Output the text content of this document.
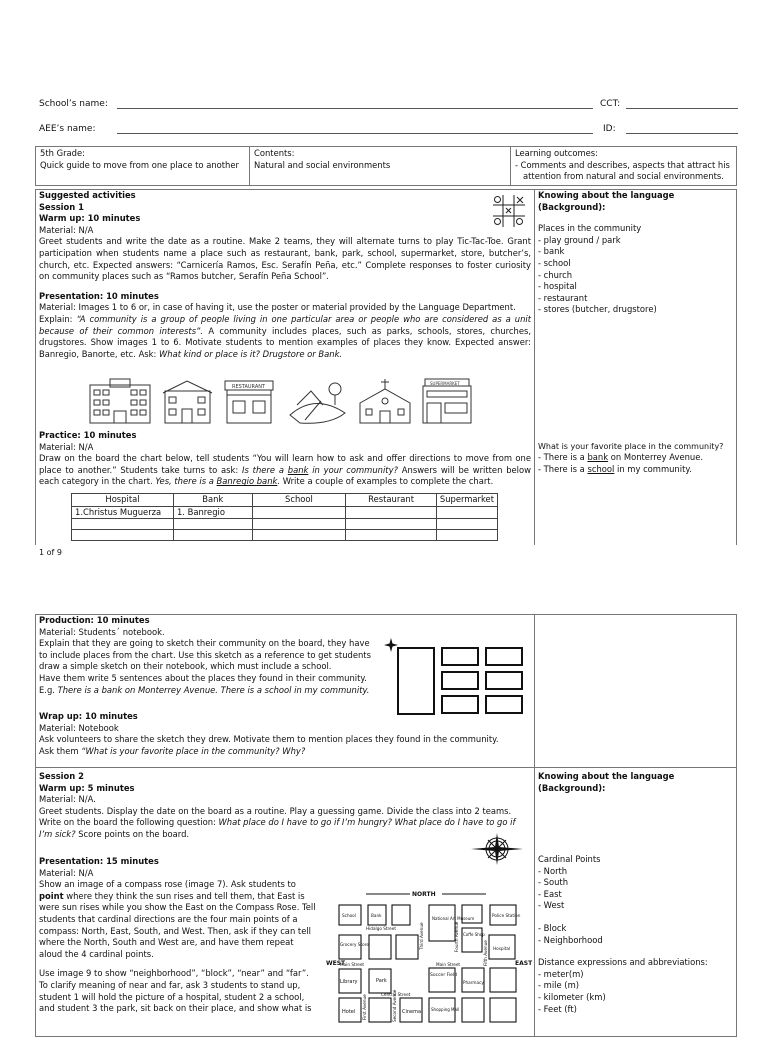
School’s name:	CCT:
AEE’s name:	ID:
5th Grade:
Quick guide to move from one place to another
Contents:
Natural and social environments
Learning outcomes:
- Comments and describes, aspects that attract his
attention from natural and social environments.
Suggested activities
Session 1
Warm up: 10 minutes
Material: N/A
Greet students and write the date as a routine. Make 2 teams, they will alternate turns to play Tic-Tac-Toe. Grant participation when students name a place such as restaurant, bank, park, school, supermarket, store, butcher’s, church, etc. Expected answers: “Carnicería Ramos, Esc. Serafín Peña, etc.” Complete responses to foster curiosity on community places such as “Ramos butcher, Serafín Peña School”.
Presentation: 10 minutes
Material: Images 1 to 6 or, in case of having it, use the poster or material provided by the Language Department.
Explain: “A community is a group of people living in one particular area or people who are considered as a unit because of their common interests”. A community includes places, such as parks, schools, stores, churches, drugstores. Show images 1 to 6. Motivate students to mention examples of places they know. Expected answer: Banregio, Banorte, etc. Ask: What kind or place is it? Drugstore or Bank.
RESTAURANT
SUPERMARKET
Practice: 10 minutes
Material: N/A
Draw on the board the chart below, tell students “You will learn how to ask and offer directions to move from one place to another.” Students take turns to ask: Is there a bank in your community? Answers will be written below each category in the chart. Yes, there is a Banregio bank. Write a couple of examples to complete the chart.
Hospital	Bank	School	Restaurant	Supermarket
1.Christus Muguerza	1. Banregio			

Knowing about the language
(Background):
Places in the community
- play ground / park
- bank
- school
- church
- hospital
- restaurant
- stores (butcher, drugstore)
What is your favorite place in the community?
- There is a bank on Monterrey Avenue.
- There is a school in my community.
1 of 9
Production: 10 minutes
Material: Students´ notebook.
Explain that they are going to sketch their community on the board, they have to include places from the chart. Use this sketch as a reference to get students draw a simple sketch on their notebook, which must include a school.
Have them write 5 sentences about the places they found in their community.
E.g. There is a bank on Monterrey Avenue. There is a school in my community.
Wrap up: 10 minutes
Material: Notebook
Ask volunteers to share the sketch they drew. Motivate them to mention places they found in the community.
Ask them “What is your favorite place in the community? Why?
Session 2
Warm up: 5 minutes
Material: N/A.
Greet students. Display the date on the board as a routine. Play a guessing game. Divide the class into 2 teams. Write on the board the following question: What place do I have to go if I’m hungry? What place do I have to go if I’m sick? Score points on the board.
Presentation: 15 minutes
Material: N/A
Show an image of a compass rose (image 7). Ask students to point where they think the sun rises and tell them, that East is were sun rises while you show the East on the Compass Rose. Tell students that cardinal directions are the four main points of a compass: North, East, South, and West. Then, ask if they can tell where the North, South and West are, and have them repeat aloud the 4 cardinal points.
Use image 9 to show “neighborhood”, “block”, “near” and “far”. To clarify meaning of near and far, ask 3 students to stand up, student 1 will hold the picture of a hospital, student 2 a school, and student 3 the park, sit back on their place, and show what is
NORTH
WEST	EAST
School	Bank
National Art Museum
Coffe Shop
Police Station
Hospital
Grocery Store
Park
Library
Soccer Field
Pharmacy
Hotel	Cinema Shopping Mall
Hidalgo Street
Main Street	Main Street
Central Street
Third Avenue	Fourth Avenue
Fifth Avenue
First Avenue	Second Avenue
Knowing about the language
(Background):
Cardinal Points
- North
- South
- East
- West
- Block
- Neighborhood
Distance expressions and abbreviations:
- meter(m)
- mile (m)
- kilometer (km)
- Feet (ft)
